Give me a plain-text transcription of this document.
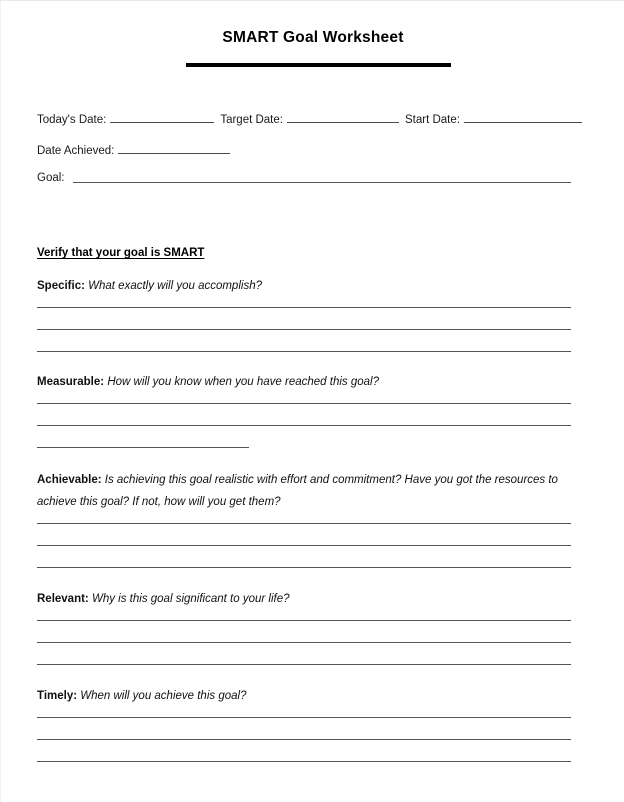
SMART Goal Worksheet
Today's Date:	Target Date:	Start Date:
Date Achieved:
Goal:
Verify that your goal is SMART

Specific: What exactly will you accomplish?

Measurable: How will you know when you have reached this goal?

Achievable: Is achieving this goal realistic with effort and commitment? Have you got the resources to achieve this goal? If not, how will you get them?

Relevant: Why is this goal significant to your life?

Timely: When will you achieve this goal?
